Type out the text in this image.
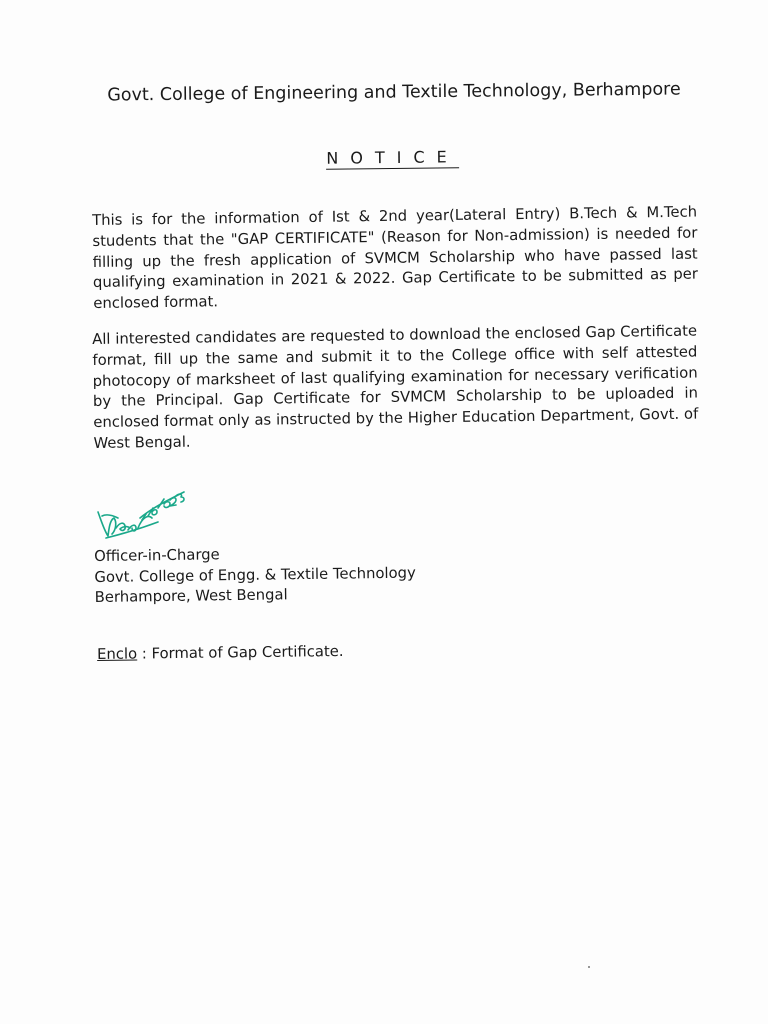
Govt. College of Engineering and Textile Technology, Berhampore
NOTICE
This is for the information of Ist & 2nd year(Lateral Entry) B.Tech & M.Tech students that the "GAP CERTIFICATE" (Reason for Non-admission) is needed for filling up the fresh application of SVMCM Scholarship who have passed last qualifying examination in 2021 & 2022. Gap Certificate to be submitted as per enclosed format.
All interested candidates are requested to download the enclosed Gap Certificate format, fill up the same and submit it to the College office with self attested photocopy of marksheet of last qualifying examination for necessary verification by the Principal. Gap Certificate for SVMCM Scholarship to be uploaded in enclosed format only as instructed by the Higher Education Department, Govt. of West Bengal.
Officer-in-Charge
Govt. College of Engg. & Textile Technology
Berhampore, West Bengal
Enclo : Format of Gap Certificate.
